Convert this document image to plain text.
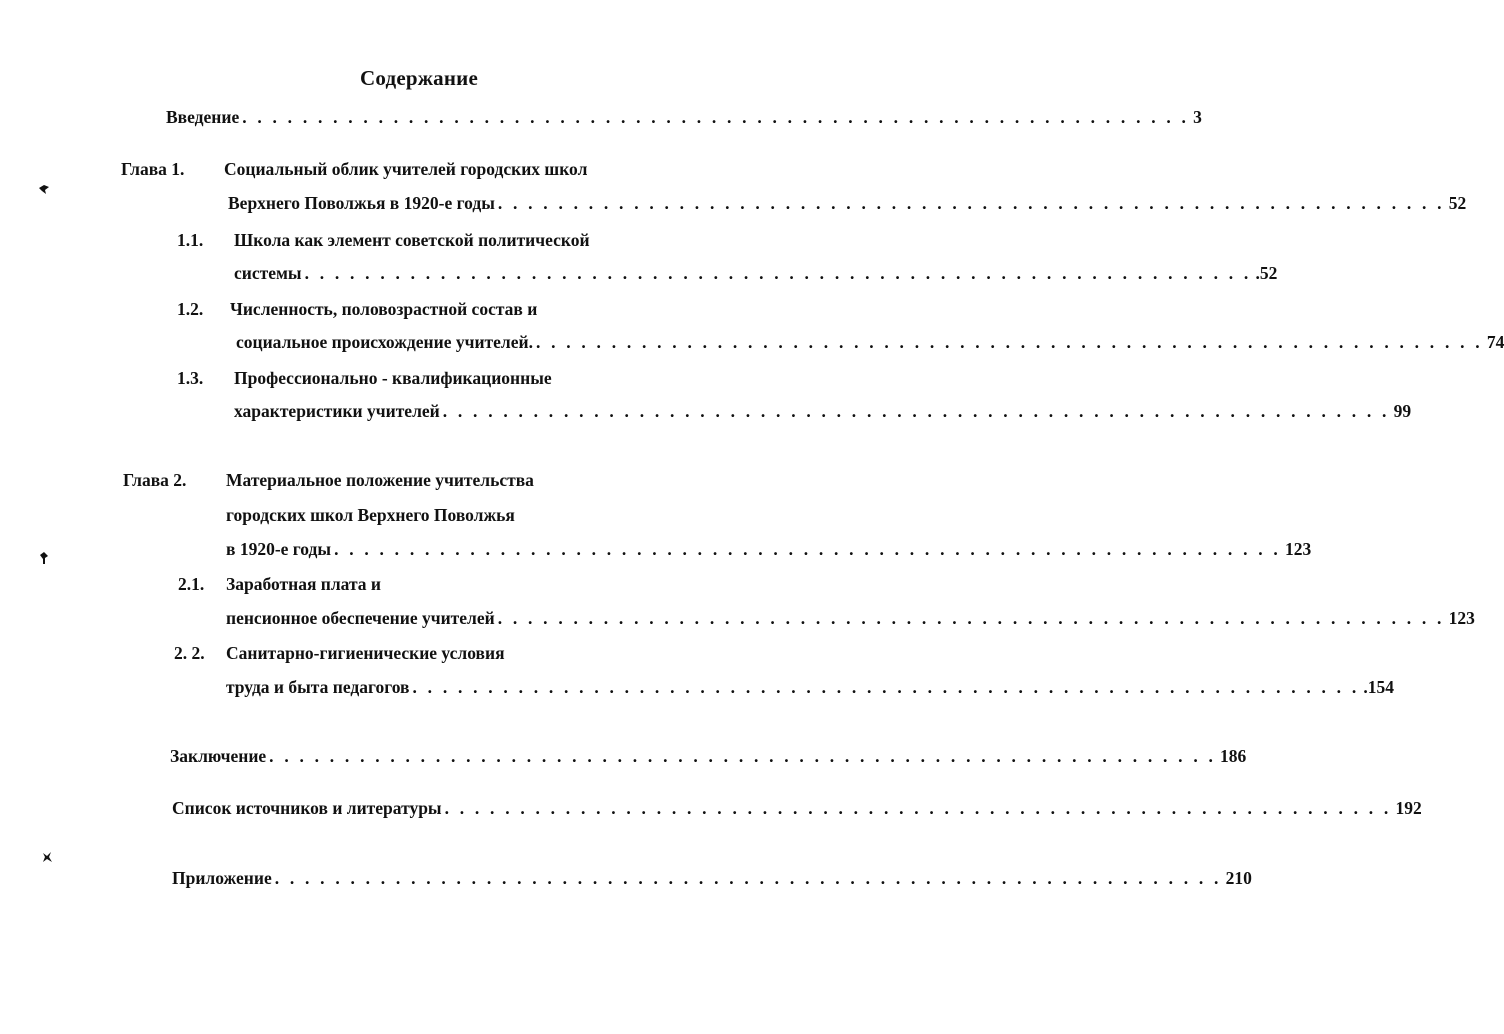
Содержание
Введение . . . . . . . . . . . . . . . . . . . . . . . . . . . . . . . . . . . . . . . . . . . . . . . . . . . . . . . . . . . . . . . 3
Глава 1. Социальный облик учителей городских школ
Верхнего Поволжья в 1920-е годы . . . . . . . . . . . . . . . . . . . . . . . . . . . . . . . . . . . . . . . . . . . . . . . . . . . . . . . . . . . . . . . 52
1.1. Школа как элемент советской политической
системы . . . . . . . . . . . . . . . . . . . . . . . . . . . . . . . . . . . . . . . . . . . . . . . . . . . . . . . . . . . . . . . .52
1.2. Численность, половозрастной состав и
социальное происхождение учителей. . . . . . . . . . . . . . . . . . . . . . . . . . . . . . . . . . . . . . . . . . . . . . . . . . . . . . . . . . . . . . . . 74
1.3. Профессионально - квалификационные
характеристики учителей . . . . . . . . . . . . . . . . . . . . . . . . . . . . . . . . . . . . . . . . . . . . . . . . . . . . . . . . . . . . . . . 99
Глава 2. Материальное положение учительства
городских школ Верхнего Поволжья
в 1920-е годы . . . . . . . . . . . . . . . . . . . . . . . . . . . . . . . . . . . . . . . . . . . . . . . . . . . . . . . . . . . . . . . 123
2.1. Заработная плата и
пенсионное обеспечение учителей . . . . . . . . . . . . . . . . . . . . . . . . . . . . . . . . . . . . . . . . . . . . . . . . . . . . . . . . . . . . . . . 123
2. 2. Санитарно-гигиенические условия
труда и быта педагогов . . . . . . . . . . . . . . . . . . . . . . . . . . . . . . . . . . . . . . . . . . . . . . . . . . . . . . . . . . . . . . . .154
Заключение . . . . . . . . . . . . . . . . . . . . . . . . . . . . . . . . . . . . . . . . . . . . . . . . . . . . . . . . . . . . . . . 186
Список источников и литературы . . . . . . . . . . . . . . . . . . . . . . . . . . . . . . . . . . . . . . . . . . . . . . . . . . . . . . . . . . . . . . . 192
Приложение . . . . . . . . . . . . . . . . . . . . . . . . . . . . . . . . . . . . . . . . . . . . . . . . . . . . . . . . . . . . . . . 210
